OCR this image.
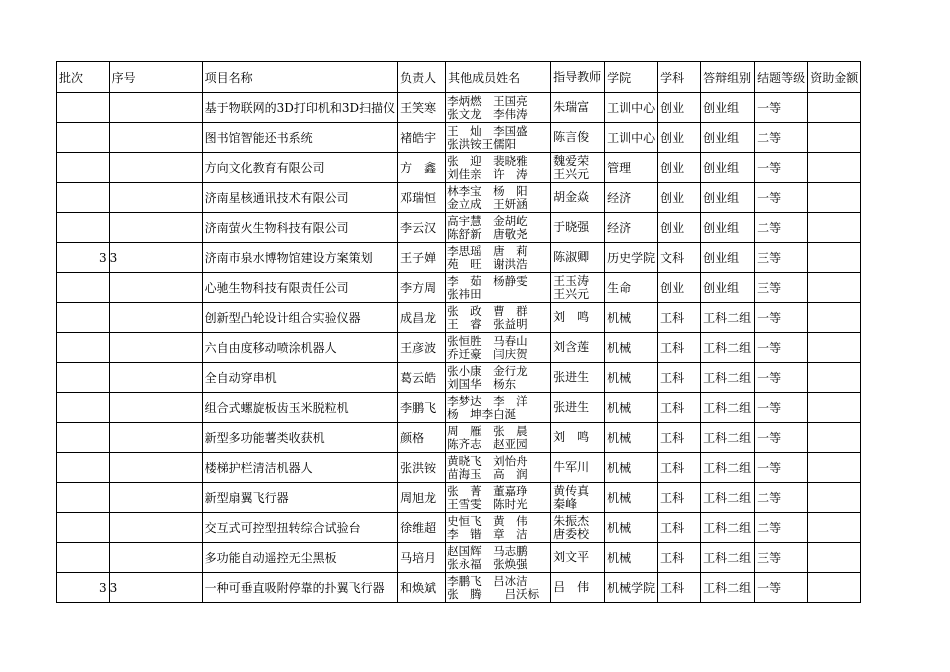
批次	序号	项目名称	负责人	其他成员姓名	指导教师	学院	学科	答辩组别	结题等级	资助金额
		基于物联网的3D打印机和3D扫描仪	王笑寒	李炳燃　王国亮
张文龙　李伟涛	朱瑞富	工训中心	创业	创业组	一等	
		图书馆智能还书系统	褚皓宇	王　灿　李国盛
张洪铵王儒阳	陈言俊	工训中心	创业	创业组	二等	
		方向文化教育有限公司	方　鑫	张　迎　裴晓雅
刘佳亲　许　涛	魏爱荣 王兴元	管理	创业	创业组	一等	
		济南星核通讯技术有限公司	邓瑞恒	林李宝　杨　阳
金立成　王妍涵	胡金焱	经济	创业	创业组	一等	
		济南萤火生物科技有限公司	李云汉	高宇慧　金胡屹
陈舒新　唐敬尧	于晓强	经济	创业	创业组	二等	
3	3	济南市泉水博物馆建设方案策划	王子婵	李思瑶　唐　莉
苑　旺　谢洪浩	陈淑卿	历史学院	文科	创业组	三等	
		心驰生物科技有限责任公司	李方周	李　茹　杨静雯
张祎田	王玉涛 王兴元	生命	创业	创业组	三等	
		创新型凸轮设计组合实验仪器	成昌龙	张　政　曹　群
王　睿　张益明	刘　鸣	机械	工科	工科二组	一等	
		六自由度移动喷涂机器人	王彦波	张恒胜　马春山
乔迁豪　闫庆贺	刘含莲	机械	工科	工科二组	一等	
		全自动穿串机	葛云皓	张小康　金行龙
刘国华　杨东	张进生	机械	工科	工科二组	一等	
		组合式螺旋板齿玉米脱粒机	李鹏飞	李梦达　李　洋
杨　坤李白涎	张进生	机械	工科	工科二组	一等	
		新型多功能薯类收获机	颜格	周　雁　张　晨
陈齐志　赵亚园	刘　鸣	机械	工科	工科二组	一等	
		楼梯护栏清洁机器人	张洪铵	黄晓飞　刘怡舟
苗海玉　高　润	牛军川	机械	工科	工科二组	一等	
		新型扇翼飞行器	周旭龙	张　菁　董嘉琤
王雪雯　陈时光	黄传真 秦峰	机械	工科	工科二组	二等	
		交互式可控型扭转综合试验台	徐维超	史恒飞　黄　伟
李　锴　章　洁	朱振杰 唐委校	机械	工科	工科二组	二等	
		多功能自动遥控无尘黑板	马培月	赵国辉　马志鹏
张永福　张焕强	刘文平	机械	工科	工科二组	三等	
3	3	一种可垂直吸附停靠的扑翼飞行器	和焕斌	李鹏飞　吕冰洁
张　腾　　吕沃标	吕　伟	机械学院	工科	工科二组	一等	
